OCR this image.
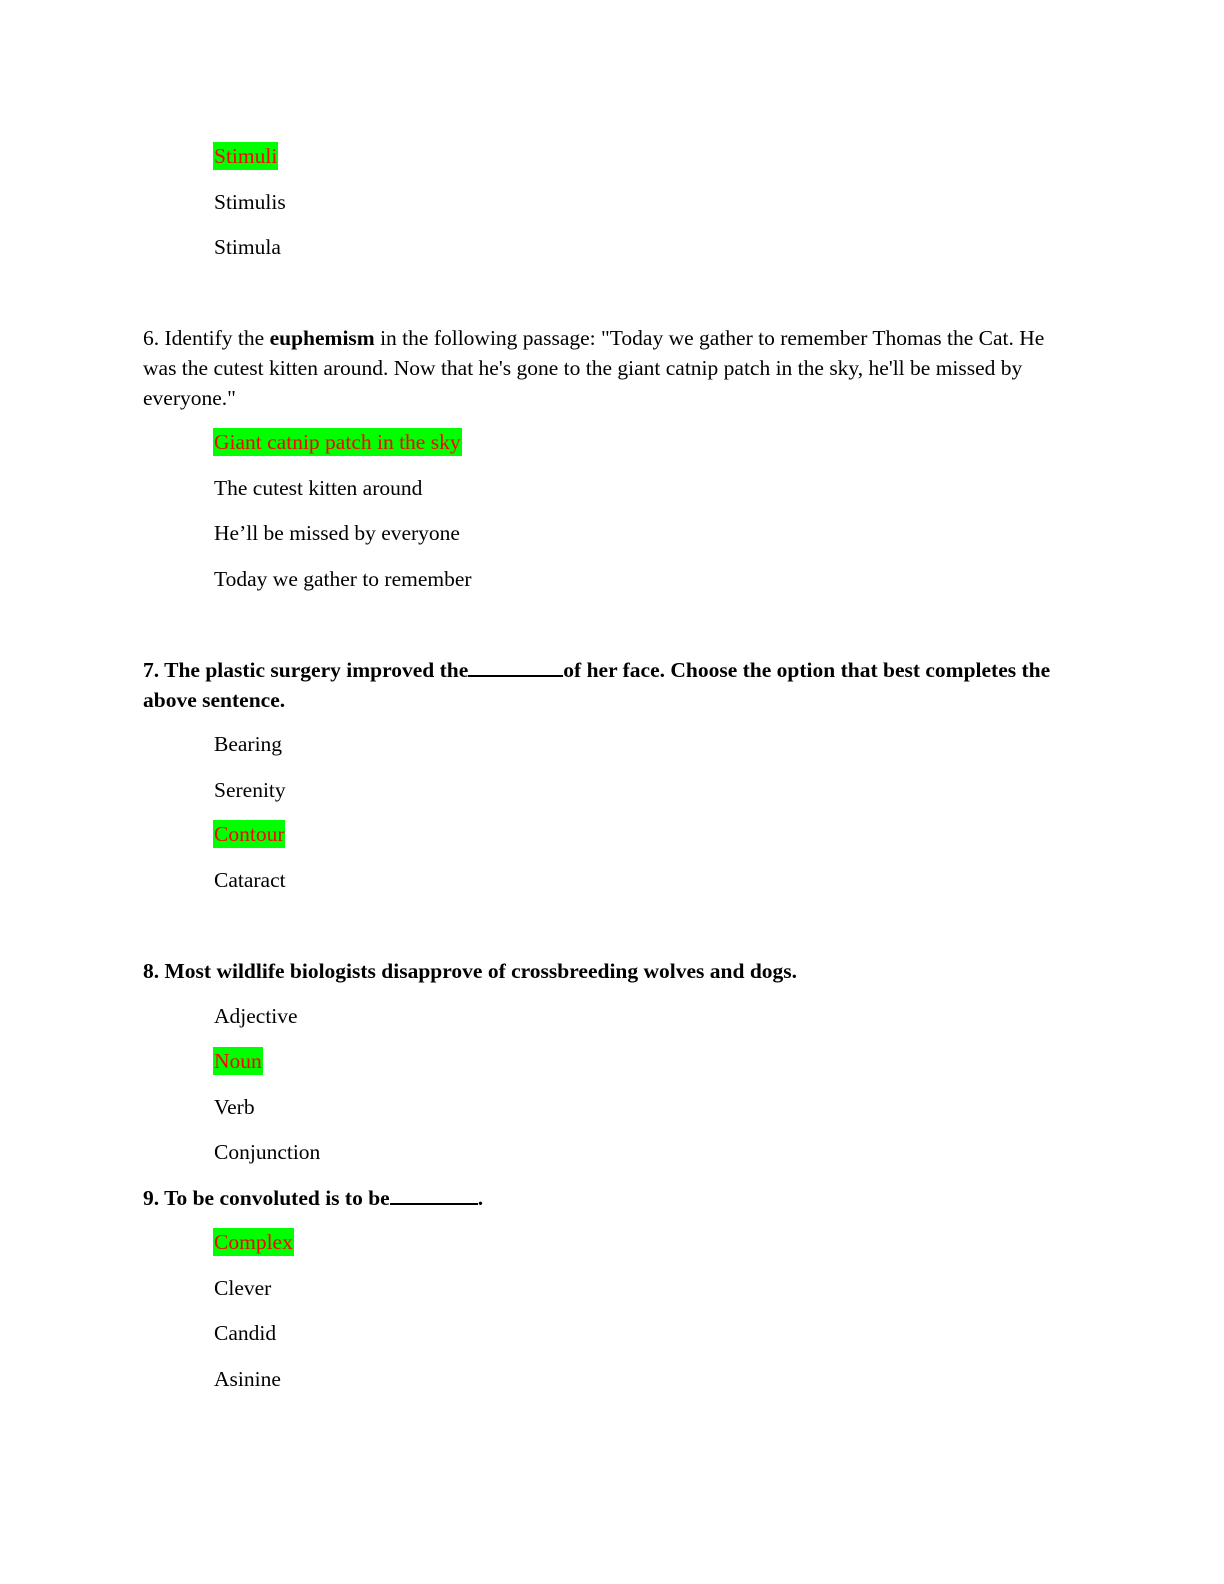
Stimuli
Stimulis
Stimula
6. Identify the euphemism in the following passage: "Today we gather to remember Thomas the Cat. He was the cutest kitten around. Now that he's gone to the giant catnip patch in the sky, he'll be missed by everyone."
Giant catnip patch in the sky
The cutest kitten around
He’ll be missed by everyone
Today we gather to remember
7. The plastic surgery improved the	of her face. Choose the option that best completes the above sentence.
Bearing
Serenity
Contour
Cataract
8. Most wildlife biologists disapprove of crossbreeding wolves and dogs.
Adjective
Noun
Verb
Conjunction
9. To be convoluted is to be	.
Complex
Clever
Candid
Asinine
